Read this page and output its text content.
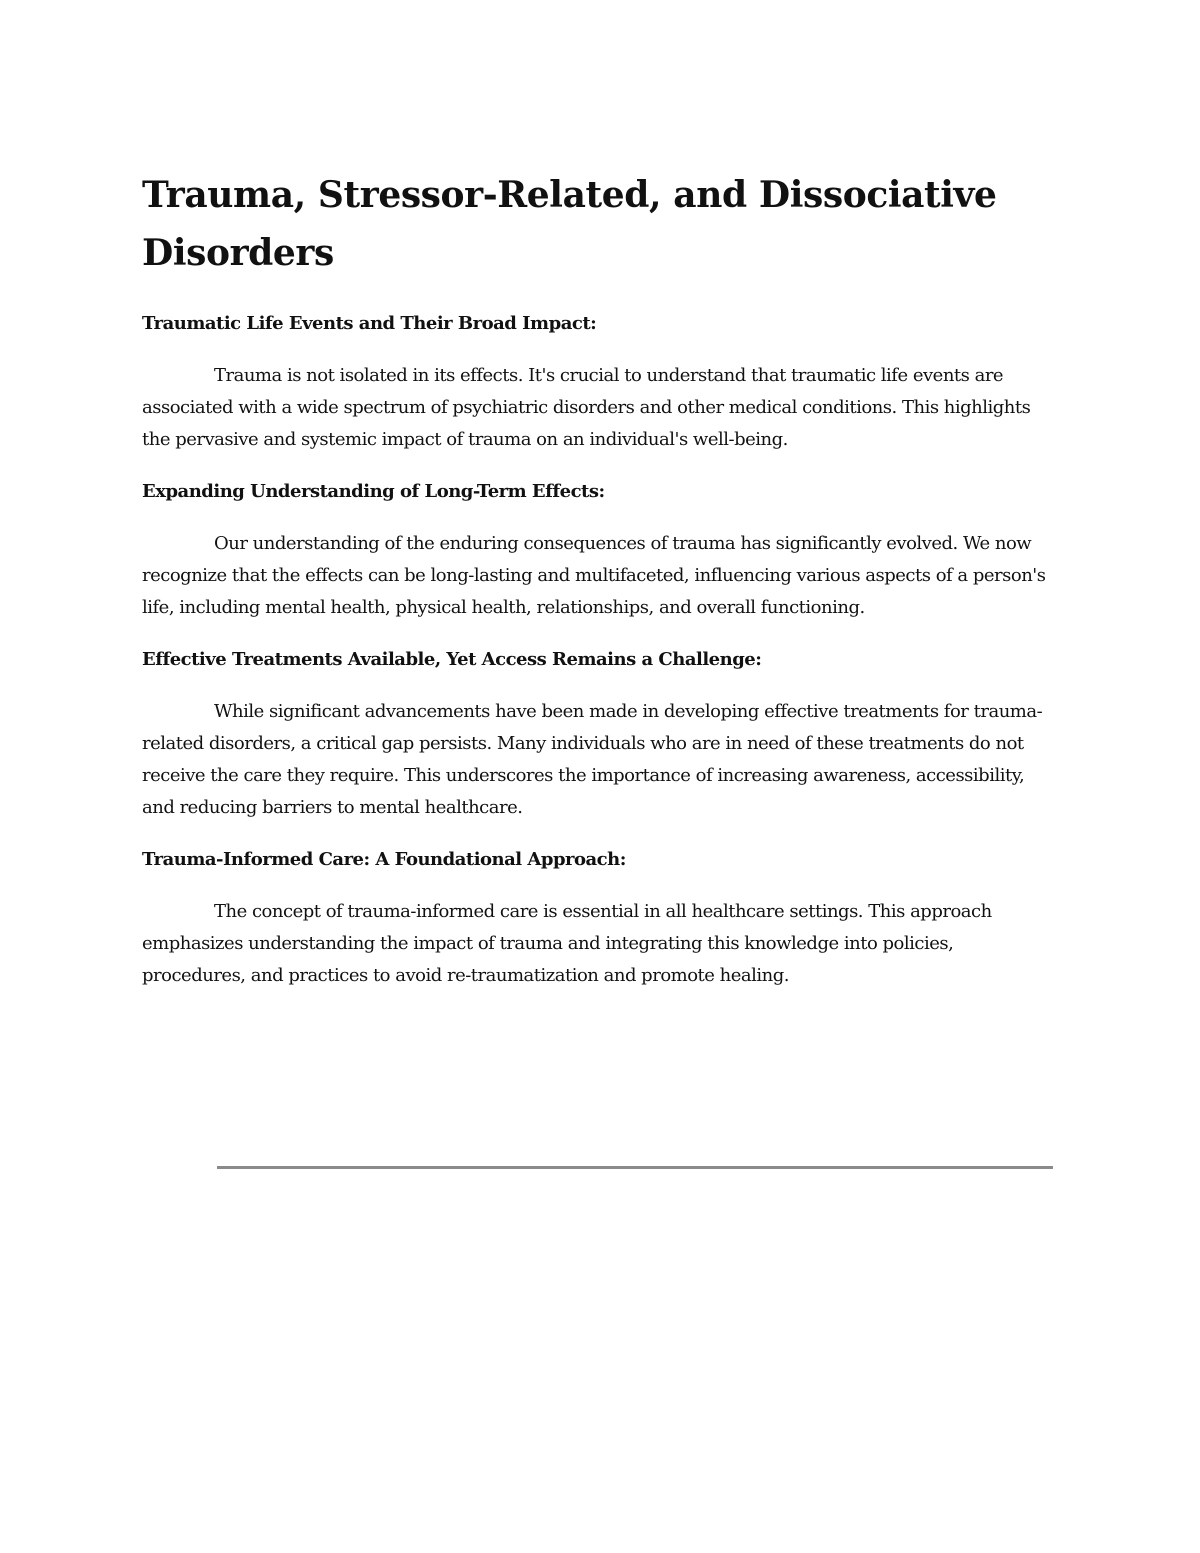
Trauma, Stressor-Related, and Dissociative Disorders

Traumatic Life Events and Their Broad Impact:

Trauma is not isolated in its effects. It's crucial to understand that traumatic life events are associated with a wide spectrum of psychiatric disorders and other medical conditions. This highlights the pervasive and systemic impact of trauma on an individual's well-being.

Expanding Understanding of Long-Term Effects:

Our understanding of the enduring consequences of trauma has significantly evolved. We now recognize that the effects can be long-lasting and multifaceted, influencing various aspects of a person's life, including mental health, physical health, relationships, and overall functioning.

Effective Treatments Available, Yet Access Remains a Challenge:

While significant advancements have been made in developing effective treatments for trauma-related disorders, a critical gap persists. Many individuals who are in need of these treatments do not receive the care they require. This underscores the importance of increasing awareness, accessibility, and reducing barriers to mental healthcare.

Trauma-Informed Care: A Foundational Approach:

The concept of trauma-informed care is essential in all healthcare settings. This approach emphasizes understanding the impact of trauma and integrating this knowledge into policies, procedures, and practices to avoid re-traumatization and promote healing.
